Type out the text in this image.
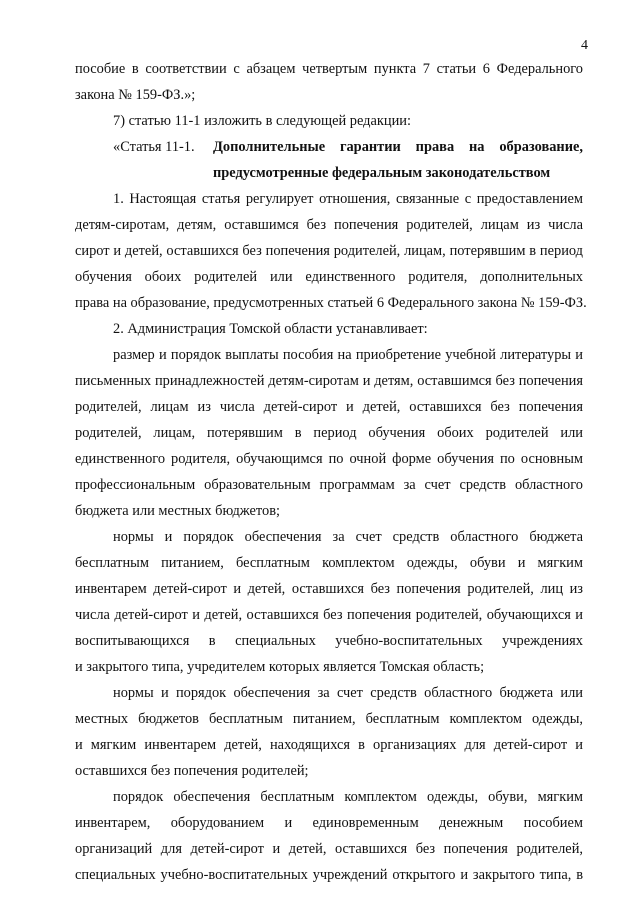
4
пособие в соответствии с абзацем четвертым пункта 7 статьи 6 Федерального
закона № 159-ФЗ.»;
7) статью 11-1 изложить в следующей редакции:
«Статья 11-1. Дополнительные гарантии права на образование,
предусмотренные федеральным законодательством
1. Настоящая статья регулирует отношения, связанные с предоставлением
детям-сиротам, детям, оставшимся без попечения родителей, лицам из числа
сирот и детей, оставшихся без попечения родителей, лицам, потерявшим в период
обучения обоих родителей или единственного родителя, дополнительных
права на образование, предусмотренных статьей 6 Федерального закона № 159-ФЗ.
2. Администрация Томской области устанавливает:
размер и порядок выплаты пособия на приобретение учебной литературы и
письменных принадлежностей детям-сиротам и детям, оставшимся без попечения
родителей, лицам из числа детей-сирот и детей, оставшихся без попечения
родителей, лицам, потерявшим в период обучения обоих родителей или
единственного родителя, обучающимся по очной форме обучения по основным
профессиональным образовательным программам за счет средств областного
бюджета или местных бюджетов;
нормы и порядок обеспечения за счет средств областного бюджета
бесплатным питанием, бесплатным комплектом одежды, обуви и мягким
инвентарем детей-сирот и детей, оставшихся без попечения родителей, лиц из
числа детей-сирот и детей, оставшихся без попечения родителей, обучающихся и
воспитывающихся в специальных учебно-воспитательных учреждениях
и закрытого типа, учредителем которых является Томская область;
нормы и порядок обеспечения за счет средств областного бюджета или
местных бюджетов бесплатным питанием, бесплатным комплектом одежды,
и мягким инвентарем детей, находящихся в организациях для детей-сирот и
оставшихся без попечения родителей;
порядок обеспечения бесплатным комплектом одежды, обуви, мягким
инвентарем, оборудованием и единовременным денежным пособием
организаций для детей-сирот и детей, оставшихся без попечения родителей,
специальных учебно-воспитательных учреждений открытого и закрытого типа, в
